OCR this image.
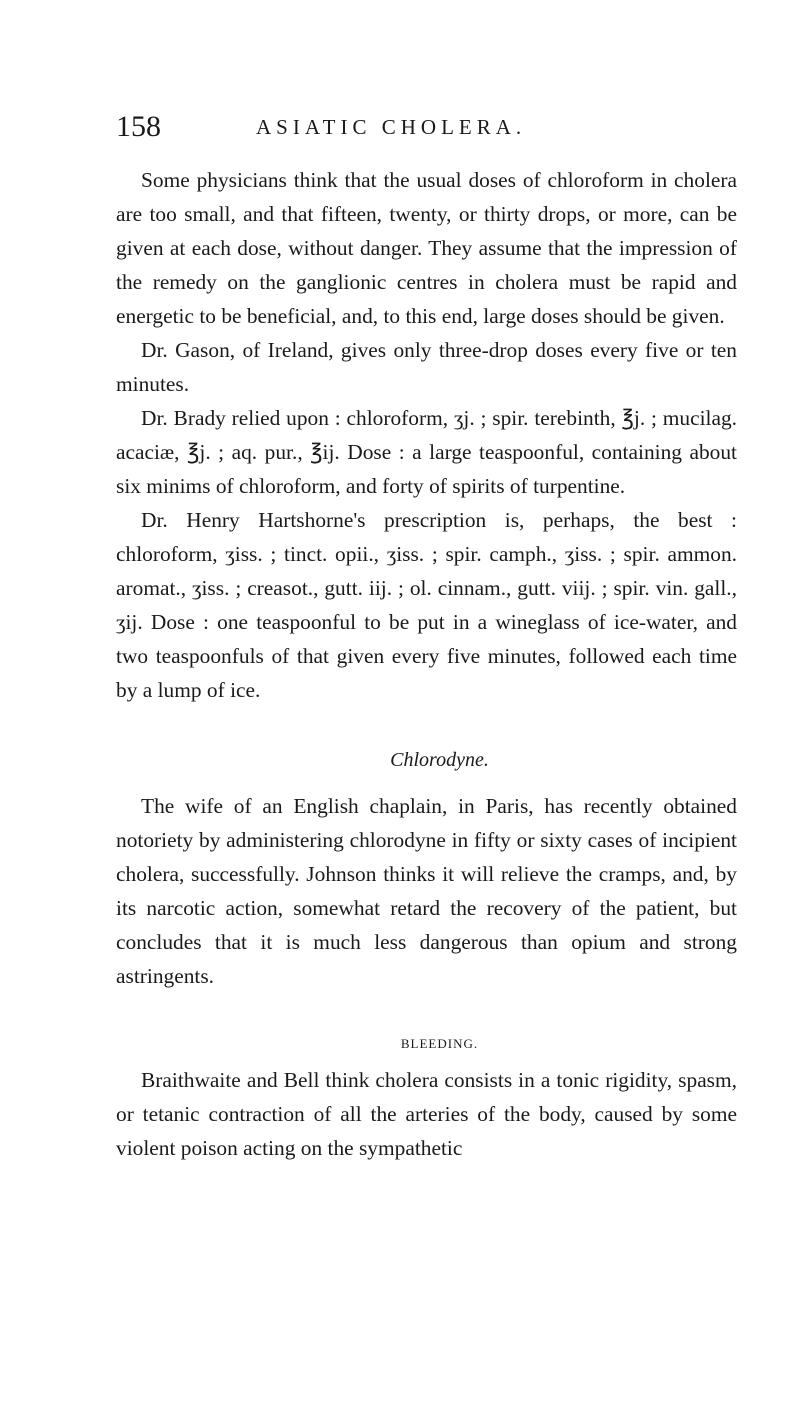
158	ASIATIC CHOLERA.

Some physicians think that the usual doses of chloroform in cholera are too small, and that fifteen, twenty, or thirty drops, or more, can be given at each dose, without danger. They assume that the impression of the remedy on the ganglionic centres in cholera must be rapid and energetic to be beneficial, and, to this end, large doses should be given.

Dr. Gason, of Ireland, gives only three-drop doses every five or ten minutes.

Dr. Brady relied upon : chloroform, ʒj. ; spir. terebinth, ℥j. ; mucilag. acaciæ, ℥j. ; aq. pur., ℥ij. Dose : a large teaspoonful, containing about six minims of chloroform, and forty of spirits of turpentine.

Dr. Henry Hartshorne's prescription is, perhaps, the best : chloroform, ʒiss. ; tinct. opii., ʒiss. ; spir. camph., ʒiss. ; spir. ammon. aromat., ʒiss. ; creasot., gutt. iij. ; ol. cinnam., gutt. viij. ; spir. vin. gall., ʒij. Dose : one teaspoonful to be put in a wineglass of ice-water, and two teaspoonfuls of that given every five minutes, followed each time by a lump of ice.

Chlorodyne.

The wife of an English chaplain, in Paris, has recently obtained notoriety by administering chlorodyne in fifty or sixty cases of incipient cholera, successfully. Johnson thinks it will relieve the cramps, and, by its narcotic action, somewhat retard the recovery of the patient, but concludes that it is much less dangerous than opium and strong astringents.

BLEEDING.

Braithwaite and Bell think cholera consists in a tonic rigidity, spasm, or tetanic contraction of all the arteries of the body, caused by some violent poison acting on the sympathetic
